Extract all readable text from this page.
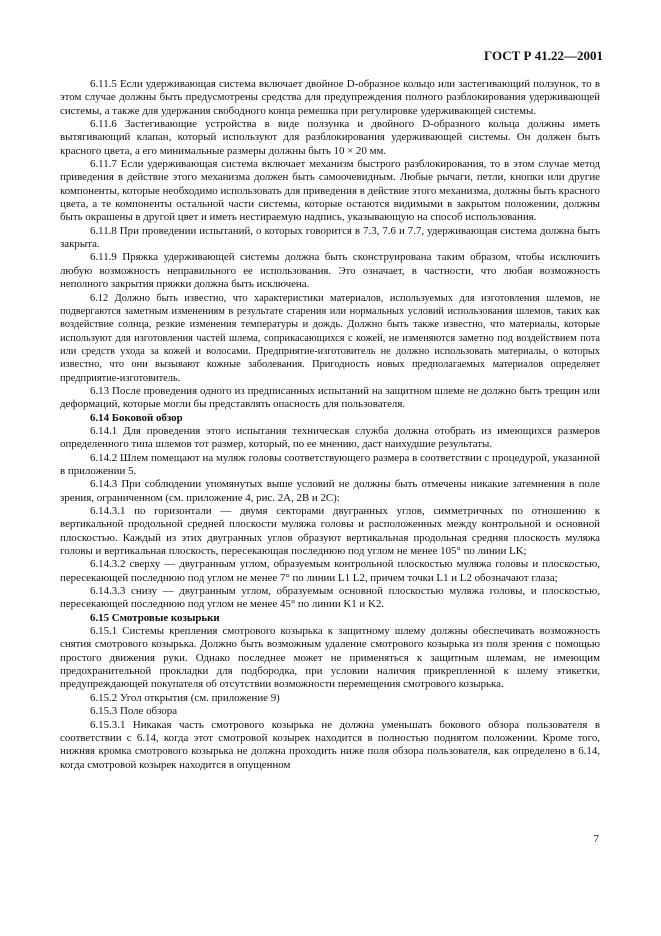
ГОСТ Р 41.22—2001

6.11.5 Если удерживающая система включает двойное D-образное кольцо или застегивающий ползунок, то в этом случае должны быть предусмотрены средства для предупреждения полного разблокирования удерживающей системы, а также для удержания свободного конца ремешка при регулировке удерживающей системы.

6.11.6 Застегивающие устройства в виде ползунка и двойного D-образного кольца должны иметь вытягивающий клапан, который используют для разблокирования удерживающей системы. Он должен быть красного цвета, а его минимальные размеры должны быть 10 × 20 мм.

6.11.7 Если удерживающая система включает механизм быстрого разблокирования, то в этом случае метод приведения в действие этого механизма должен быть самоочевидным. Любые рычаги, петли, кнопки или другие компоненты, которые необходимо использовать для приведения в действие этого механизма, должны быть красного цвета, а те компоненты остальной части системы, которые остаются видимыми в закрытом положении, должны быть окрашены в другой цвет и иметь нестираемую надпись, указывающую на способ использования.

6.11.8 При проведении испытаний, о которых говорится в 7.3, 7.6 и 7.7, удерживающая система должна быть закрыта.

6.11.9 Пряжка удерживающей системы должна быть сконструирована таким образом, чтобы исключить любую возможность неправильного ее использования. Это означает, в частности, что любая возможность неполного закрытия пряжки должна быть исключена.

6.12 Должно быть известно, что характеристики материалов, используемых для изготовления шлемов, не подвергаются заметным изменениям в результате старения или нормальных условий использования шлемов, таких как воздействие солнца, резкие изменения температуры и дождь. Должно быть также известно, что материалы, которые используют для изготовления частей шлема, соприкасающихся с кожей, не изменяются заметно под воздействием пота или средств ухода за кожей и волосами. Предприятие-изготовитель не должно использовать материалы, о которых известно, что они вызывают кожные заболевания. Пригодность новых предполагаемых материалов определяет предприятие-изготовитель.

6.13 После проведения одного из предписанных испытаний на защитном шлеме не должно быть трещин или деформаций, которые могли бы представлять опасность для пользователя.

6.14 Боковой обзор

6.14.1 Для проведения этого испытания техническая служба должна отобрать из имеющихся размеров определенного типа шлемов тот размер, который, по ее мнению, даст наихудшие результаты.

6.14.2 Шлем помещают на муляж головы соответствующего размера в соответствии с процедурой, указанной в приложении 5.

6.14.3 При соблюдении упомянутых выше условий не должны быть отмечены никакие затемнения в поле зрения, ограниченном (см. приложение 4, рис. 2А, 2В и 2С):

6.14.3.1 по горизонтали — двумя секторами двугранных углов, симметричных по отношению к вертикальной продольной средней плоскости муляжа головы и расположенных между контрольной и основной плоскостью. Каждый из этих двугранных углов образуют вертикальная продольная средняя плоскость муляжа головы и вертикальная плоскость, пересекающая последнюю под углом не менее 105° по линии LK;

6.14.3.2 сверху — двугранным углом, образуемым контрольной плоскостью муляжа головы и плоскостью, пересекающей последнюю под углом не менее 7° по линии L1 L2, причем точки L1 и L2 обозначают глаза;

6.14.3.3 снизу — двугранным углом, образуемым основной плоскостью муляжа головы, и плоскостью, пересекающей последнюю под углом не менее 45° по линии K1 и K2.

6.15 Смотровые козырьки

6.15.1 Системы крепления смотрового козырька к защитному шлему должны обеспечивать возможность снятия смотрового козырька. Должно быть возможным удаление смотрового козырька из поля зрения с помощью простого движения руки. Однако последнее может не применяться к защитным шлемам, не имеющим предохранительной прокладки для подбородка, при условии наличия прикрепленной к шлему этикетки, предупреждающей покупателя об отсутствии возможности перемещения смотрового козырька.

6.15.2 Угол открытия (см. приложение 9)

6.15.3 Поле обзора

6.15.3.1 Никакая часть смотрового козырька не должна уменьшать бокового обзора пользователя в соответствии с 6.14, когда этот смотровой козырек находится в полностью поднятом положении. Кроме того, нижняя кромка смотрового козырька не должна проходить ниже поля обзора пользователя, как определено в 6.14, когда смотровой козырек находится в опущенном

7
